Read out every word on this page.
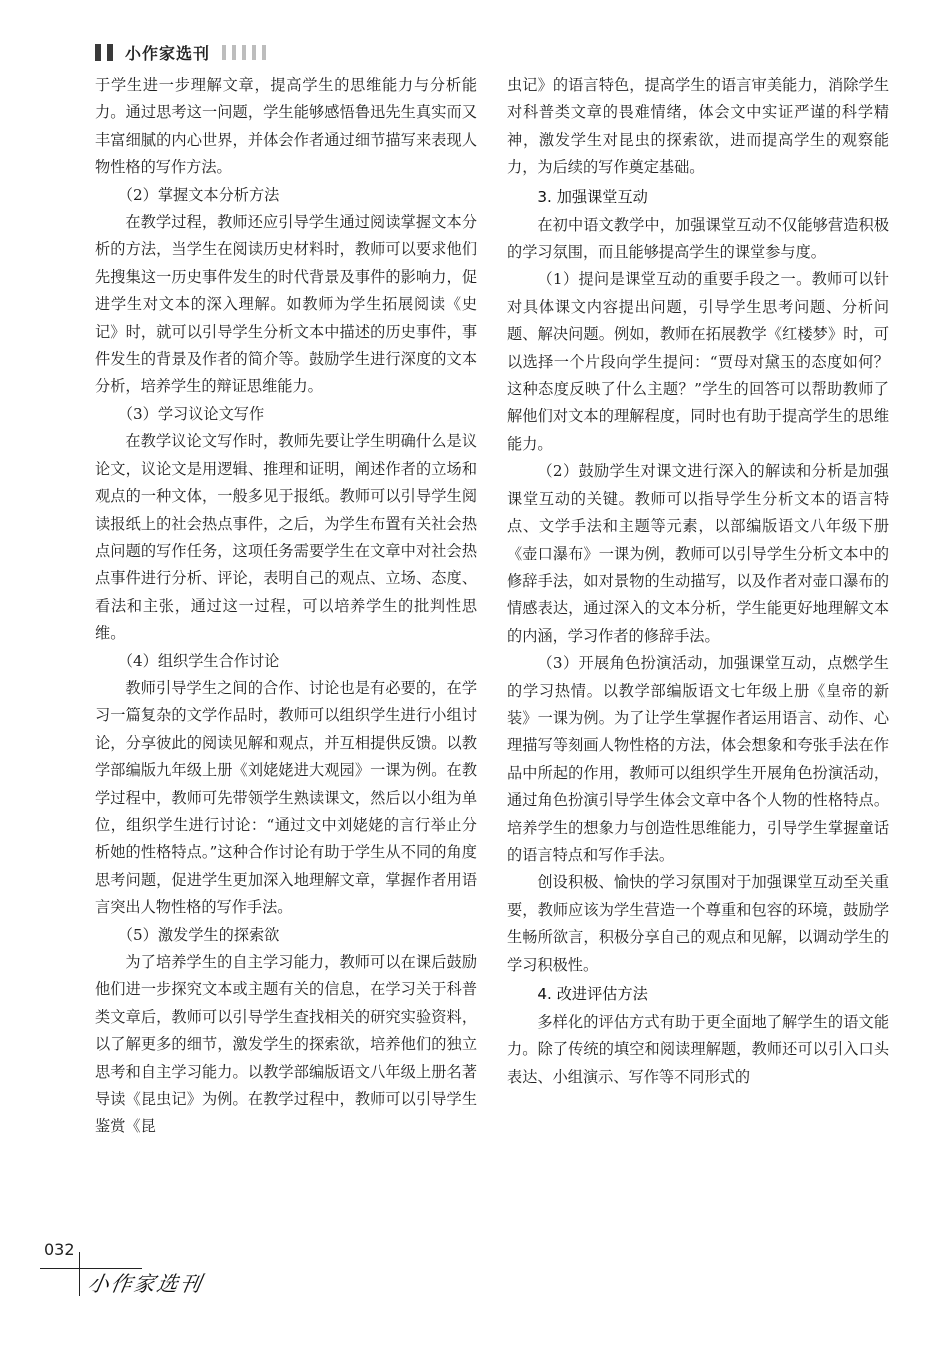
小作家选刊

于学生进一步理解文章，提高学生的思维能力与分析能力。通过思考这一问题，学生能够感悟鲁迅先生真实而又丰富细腻的内心世界，并体会作者通过细节描写来表现人物性格的写作方法。

（2）掌握文本分析方法

在教学过程，教师还应引导学生通过阅读掌握文本分析的方法，当学生在阅读历史材料时，教师可以要求他们先搜集这一历史事件发生的时代背景及事件的影响力，促进学生对文本的深入理解。如教师为学生拓展阅读《史记》时，就可以引导学生分析文本中描述的历史事件，事件发生的背景及作者的简介等。鼓励学生进行深度的文本分析，培养学生的辩证思维能力。

（3）学习议论文写作

在教学议论文写作时，教师先要让学生明确什么是议论文，议论文是用逻辑、推理和证明，阐述作者的立场和观点的一种文体，一般多见于报纸。教师可以引导学生阅读报纸上的社会热点事件，之后，为学生布置有关社会热点问题的写作任务，这项任务需要学生在文章中对社会热点事件进行分析、评论，表明自己的观点、立场、态度、看法和主张，通过这一过程，可以培养学生的批判性思维。

（4）组织学生合作讨论

教师引导学生之间的合作、讨论也是有必要的，在学习一篇复杂的文学作品时，教师可以组织学生进行小组讨论，分享彼此的阅读见解和观点，并互相提供反馈。以教学部编版九年级上册《刘姥姥进大观园》一课为例。在教学过程中，教师可先带领学生熟读课文，然后以小组为单位，组织学生进行讨论：“通过文中刘姥姥的言行举止分析她的性格特点。”这种合作讨论有助于学生从不同的角度思考问题，促进学生更加深入地理解文章，掌握作者用语言突出人物性格的写作手法。

（5）激发学生的探索欲

为了培养学生的自主学习能力，教师可以在课后鼓励他们进一步探究文本或主题有关的信息，在学习关于科普类文章后，教师可以引导学生查找相关的研究实验资料，以了解更多的细节，激发学生的探索欲，培养他们的独立思考和自主学习能力。以教学部编版语文八年级上册名著导读《昆虫记》为例。在教学过程中，教师可以引导学生鉴赏《昆

虫记》的语言特色，提高学生的语言审美能力，消除学生对科普类文章的畏难情绪，体会文中实证严谨的科学精神，激发学生对昆虫的探索欲，进而提高学生的观察能力，为后续的写作奠定基础。

3. 加强课堂互动

在初中语文教学中，加强课堂互动不仅能够营造积极的学习氛围，而且能够提高学生的课堂参与度。

（1）提问是课堂互动的重要手段之一。教师可以针对具体课文内容提出问题，引导学生思考问题、分析问题、解决问题。例如，教师在拓展教学《红楼梦》时，可以选择一个片段向学生提问：“贾母对黛玉的态度如何？这种态度反映了什么主题？”学生的回答可以帮助教师了解他们对文本的理解程度，同时也有助于提高学生的思维能力。

（2）鼓励学生对课文进行深入的解读和分析是加强课堂互动的关键。教师可以指导学生分析文本的语言特点、文学手法和主题等元素，以部编版语文八年级下册《壶口瀑布》一课为例，教师可以引导学生分析文本中的修辞手法，如对景物的生动描写，以及作者对壶口瀑布的情感表达，通过深入的文本分析，学生能更好地理解文本的内涵，学习作者的修辞手法。

（3）开展角色扮演活动，加强课堂互动，点燃学生的学习热情。以教学部编版语文七年级上册《皇帝的新装》一课为例。为了让学生掌握作者运用语言、动作、心理描写等刻画人物性格的方法，体会想象和夸张手法在作品中所起的作用，教师可以组织学生开展角色扮演活动，通过角色扮演引导学生体会文章中各个人物的性格特点。培养学生的想象力与创造性思维能力，引导学生掌握童话的语言特点和写作手法。

创设积极、愉快的学习氛围对于加强课堂互动至关重要，教师应该为学生营造一个尊重和包容的环境，鼓励学生畅所欲言，积极分享自己的观点和见解，以调动学生的学习积极性。

4. 改进评估方法

多样化的评估方式有助于更全面地了解学生的语文能力。除了传统的填空和阅读理解题，教师还可以引入口头表达、小组演示、写作等不同形式的

032
小作家选刊
